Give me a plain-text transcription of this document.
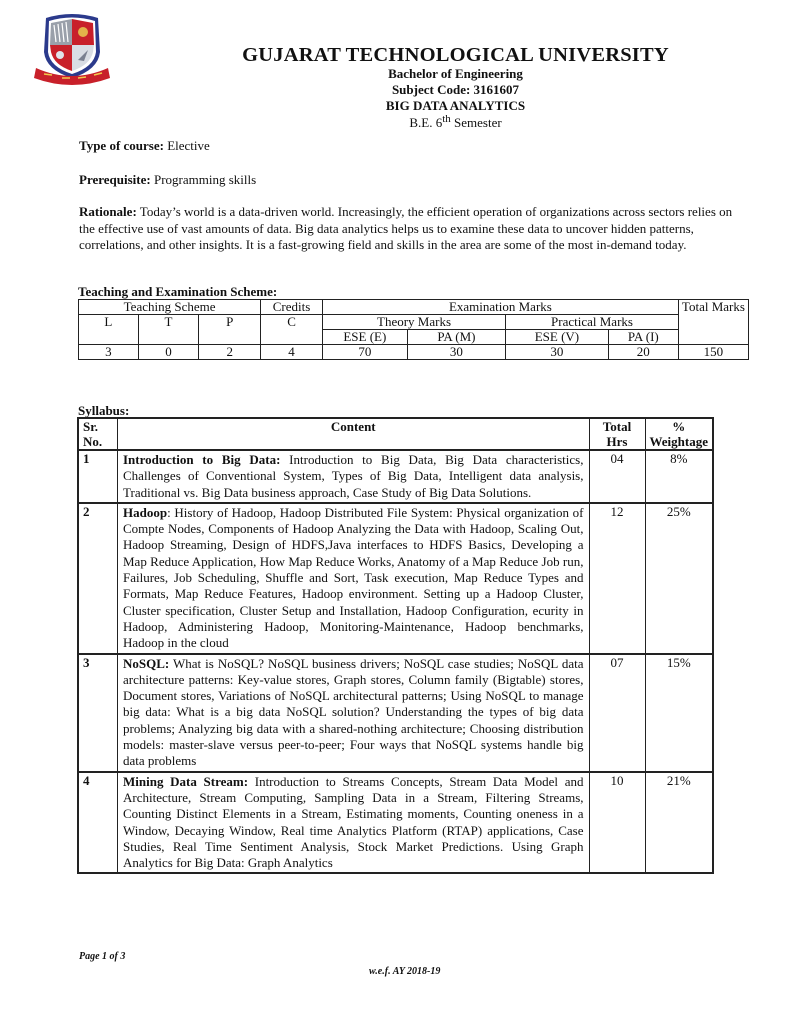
GUJARAT TECHNOLOGICAL UNIVERSITY
Bachelor of Engineering
Subject Code: 3161607
BIG DATA ANALYTICS
B.E. 6th Semester
Type of course: Elective
Prerequisite: Programming skills
Rationale: Today’s world is a data-driven world. Increasingly, the efficient operation of organizations across sectors relies on the effective use of vast amounts of data. Big data analytics helps us to examine these data to uncover hidden patterns, correlations, and other insights. It is a fast-growing field and skills in the area are some of the most in-demand today.
Teaching and Examination Scheme:
Teaching Scheme			Credits	Examination Marks				Total Marks
L	T	P	C	Theory Marks		Practical Marks		
				ESE (E)	PA (M)	ESE (V)	PA (I)	
3	0	2	4	70	30	30	20	150
Syllabus:
Sr. No.	Content	Total Hrs	% Weightage
1	Introduction to Big Data: Introduction to Big Data, Big Data characteristics, Challenges of Conventional System, Types of Big Data, Intelligent data analysis, Traditional vs. Big Data business approach, Case Study of Big Data Solutions.	04	8%
2	Hadoop: History of Hadoop, Hadoop Distributed File System: Physical organization of Compte Nodes, Components of Hadoop Analyzing the Data with Hadoop, Scaling Out, Hadoop Streaming, Design of HDFS,Java interfaces to HDFS Basics, Developing a Map Reduce Application, How Map Reduce Works, Anatomy of a Map Reduce Job run, Failures, Job Scheduling, Shuffle and Sort, Task execution, Map Reduce Types and Formats, Map Reduce Features, Hadoop environment. Setting up a Hadoop Cluster, Cluster specification, Cluster Setup and Installation, Hadoop Configuration, ecurity in Hadoop, Administering Hadoop, Monitoring-Maintenance, Hadoop benchmarks, Hadoop in the cloud	12	25%
3	NoSQL: What is NoSQL? NoSQL business drivers; NoSQL case studies; NoSQL data architecture patterns: Key-value stores, Graph stores, Column family (Bigtable) stores, Document stores, Variations of NoSQL architectural patterns; Using NoSQL to manage big data: What is a big data NoSQL solution? Understanding the types of big data problems; Analyzing big data with a shared-nothing architecture; Choosing distribution models: master-slave versus peer-to-peer; Four ways that NoSQL systems handle big data problems	07	15%
4	Mining Data Stream: Introduction to Streams Concepts, Stream Data Model and Architecture, Stream Computing, Sampling Data in a Stream, Filtering Streams, Counting Distinct Elements in a Stream, Estimating moments, Counting oneness in a Window, Decaying Window, Real time Analytics Platform (RTAP) applications, Case Studies, Real Time Sentiment Analysis, Stock Market Predictions. Using Graph Analytics for Big Data: Graph Analytics	10	21%
Page 1 of 3
w.e.f. AY 2018-19
